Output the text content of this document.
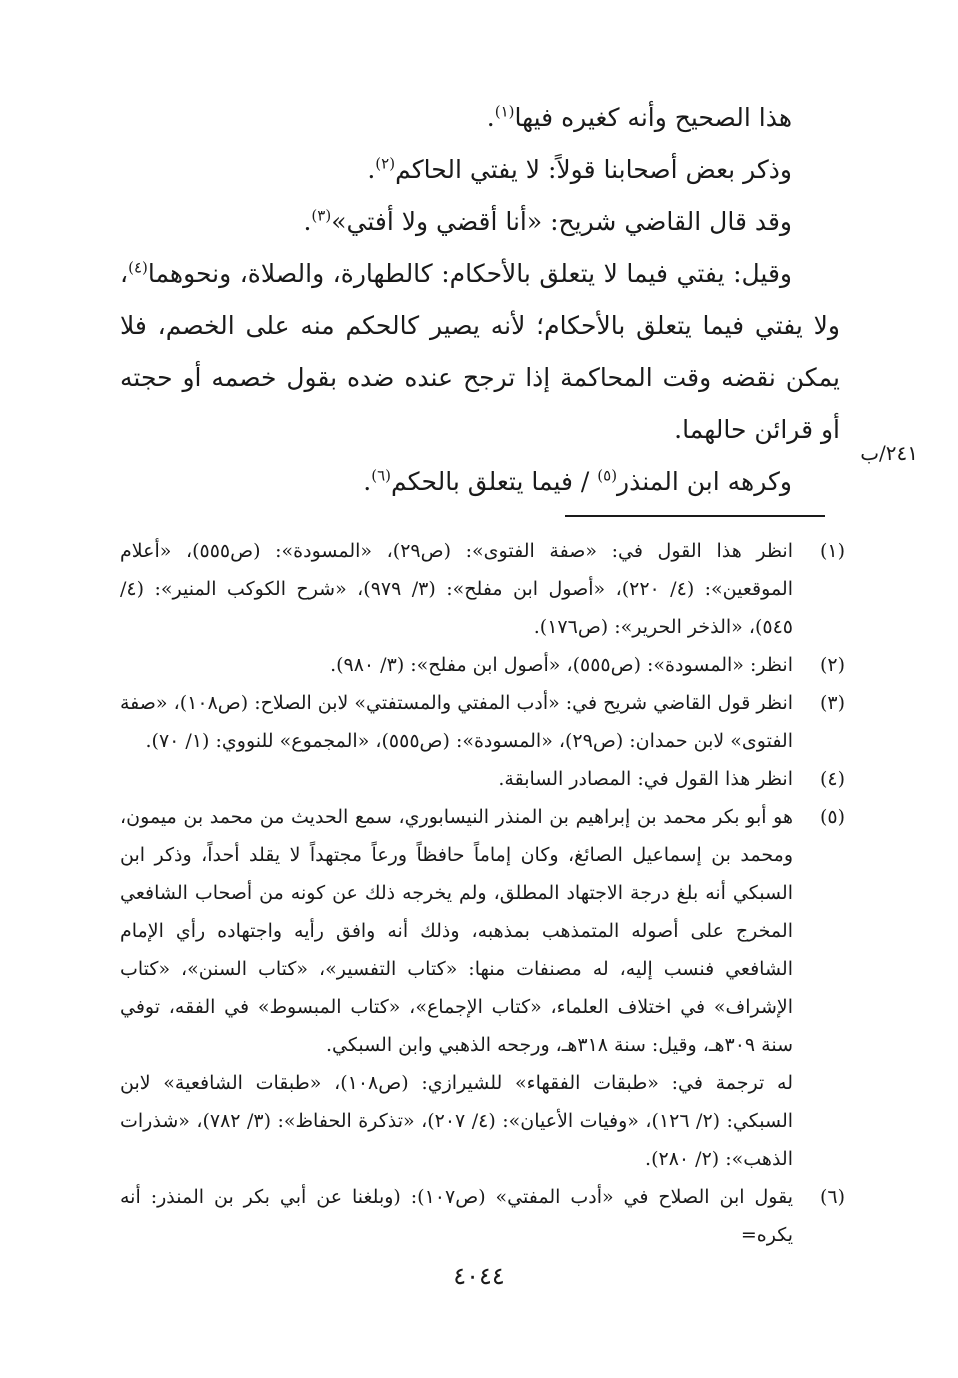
هذا الصحيح وأنه كغيره فيها$^{(١)}$.

وذكر بعض أصحابنا قولاً: لا يفتي الحاكم$^{(٢)}$.

وقد قال القاضي شريح: «أنا أقضي ولا أفتي»$^{(٣)}$.

وقيل: يفتي فيما لا يتعلق بالأحكام: كالطهارة، والصلاة، ونحوهما$^{(٤)}$، ولا يفتي فيما يتعلق بالأحكام؛ لأنه يصير كالحكم منه على الخصم، فلا يمكن نقضه وقت المحاكمة إذا ترجح عنده ضده بقول خصمه أو حجته أو قرائن حالهما.

وكرهه ابن المنذر$^{(٥)}$ / فيما يتعلق بالحكم$^{(٦)}$.

٢٤١/ب
(١)

انظر هذا القول في: «صفة الفتوى»: (ص٢٩)، «المسودة»: (ص٥٥٥)، «أعلام الموقعين»: (٤/ ٢٢٠)، «أصول ابن مفلح»: (٣/ ٩٧٩)، «شرح الكوكب المنير»: (٤/ ٥٤٥)، «الذخر الحرير»: (ص١٧٦).

(٢)

انظر: «المسودة»: (ص٥٥٥)، «أصول ابن مفلح»: (٣/ ٩٨٠).

(٣)

انظر قول القاضي شريح في: «أدب المفتي والمستفتي» لابن الصلاح: (ص١٠٨)، «صفة الفتوى» لابن حمدان: (ص٢٩)، «المسودة»: (ص٥٥٥)، «المجموع» للنووي: (١/ ٧٠).

(٤)

انظر هذا القول في: المصادر السابقة.

(٥)

هو أبو بكر محمد بن إبراهيم بن المنذر النيسابوري، سمع الحديث من محمد بن ميمون، ومحمد بن إسماعيل الصائغ، وكان إماماً حافظاً ورعاً مجتهداً لا يقلد أحداً، وذكر ابن السبكي أنه بلغ درجة الاجتهاد المطلق، ولم يخرجه ذلك عن كونه من أصحاب الشافعي المخرج على أصوله المتمذهب بمذهبه، وذلك أنه وافق رأيه واجتهاده رأي الإمام الشافعي فنسب إليه، له مصنفات منها: «كتاب التفسير»، «كتاب السنن»، «كتاب الإشراف» في اختلاف العلماء، «كتاب الإجماع»، «كتاب المبسوط» في الفقه، توفي سنة ٣٠٩هـ، وقيل: سنة ٣١٨هـ، ورجحه الذهبي وابن السبكي.

له ترجمة في: «طبقات الفقهاء» للشيرازي: (ص١٠٨)، «طبقات الشافعية» لابن السبكي: (٢/ ١٢٦)، «وفيات الأعيان»: (٤/ ٢٠٧)، «تذكرة الحفاظ»: (٣/ ٧٨٢)، «شذرات الذهب»: (٢/ ٢٨٠).

(٦)

يقول ابن الصلاح في «أدب المفتي» (ص١٠٧): (وبلغنا عن أبي بكر بن المنذر: أنه يكره=

٤٠٤٤
